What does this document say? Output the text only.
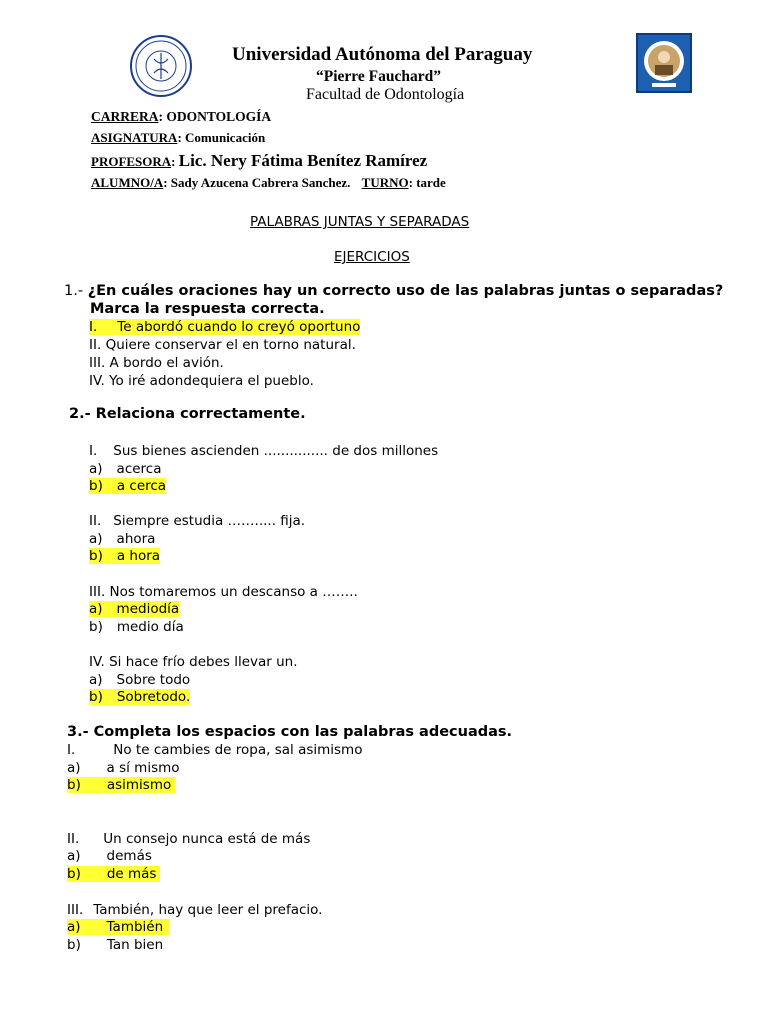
Universidad Autónoma del Paraguay
“Pierre Fauchard”
Facultad de Odontología
CARRERA: ODONTOLOGÍA
ASIGNATURA: Comunicación
PROFESORA: Lic. Nery Fátima Benítez Ramírez
ALUMNO/A: Sady Azucena Cabrera Sanchez. TURNO: tarde
PALABRAS JUNTAS Y SEPARADAS
EJERCICIOS
1.- ¿En cuáles oraciones hay un correcto uso de las palabras juntas o separadas?
Marca la respuesta correcta.
I. Te abordó cuando lo creyó oportuno
II. Quiere conservar el en torno natural.
III. A bordo el avión.
IV. Yo iré adondequiera el pueblo.
2.- Relaciona correctamente.
I. Sus bienes ascienden ............... de dos millones
a) acerca
b) a cerca
II. Siempre estudia ……..... fija.
a) ahora
b) a hora
III. Nos tomaremos un descanso a ……..
a) mediodía
b) medio día
IV. Si hace frío debes llevar un.
a) Sobre todo
b) Sobretodo.
3.- Completa los espacios con las palabras adecuadas.
I.	No te cambies de ropa, sal asimismo
a) a sí mismo
b) asimismo
II. Un consejo nunca está de más
a) demás
b) de más
III. También, hay que leer el prefacio.
a) También
b) Tan bien
